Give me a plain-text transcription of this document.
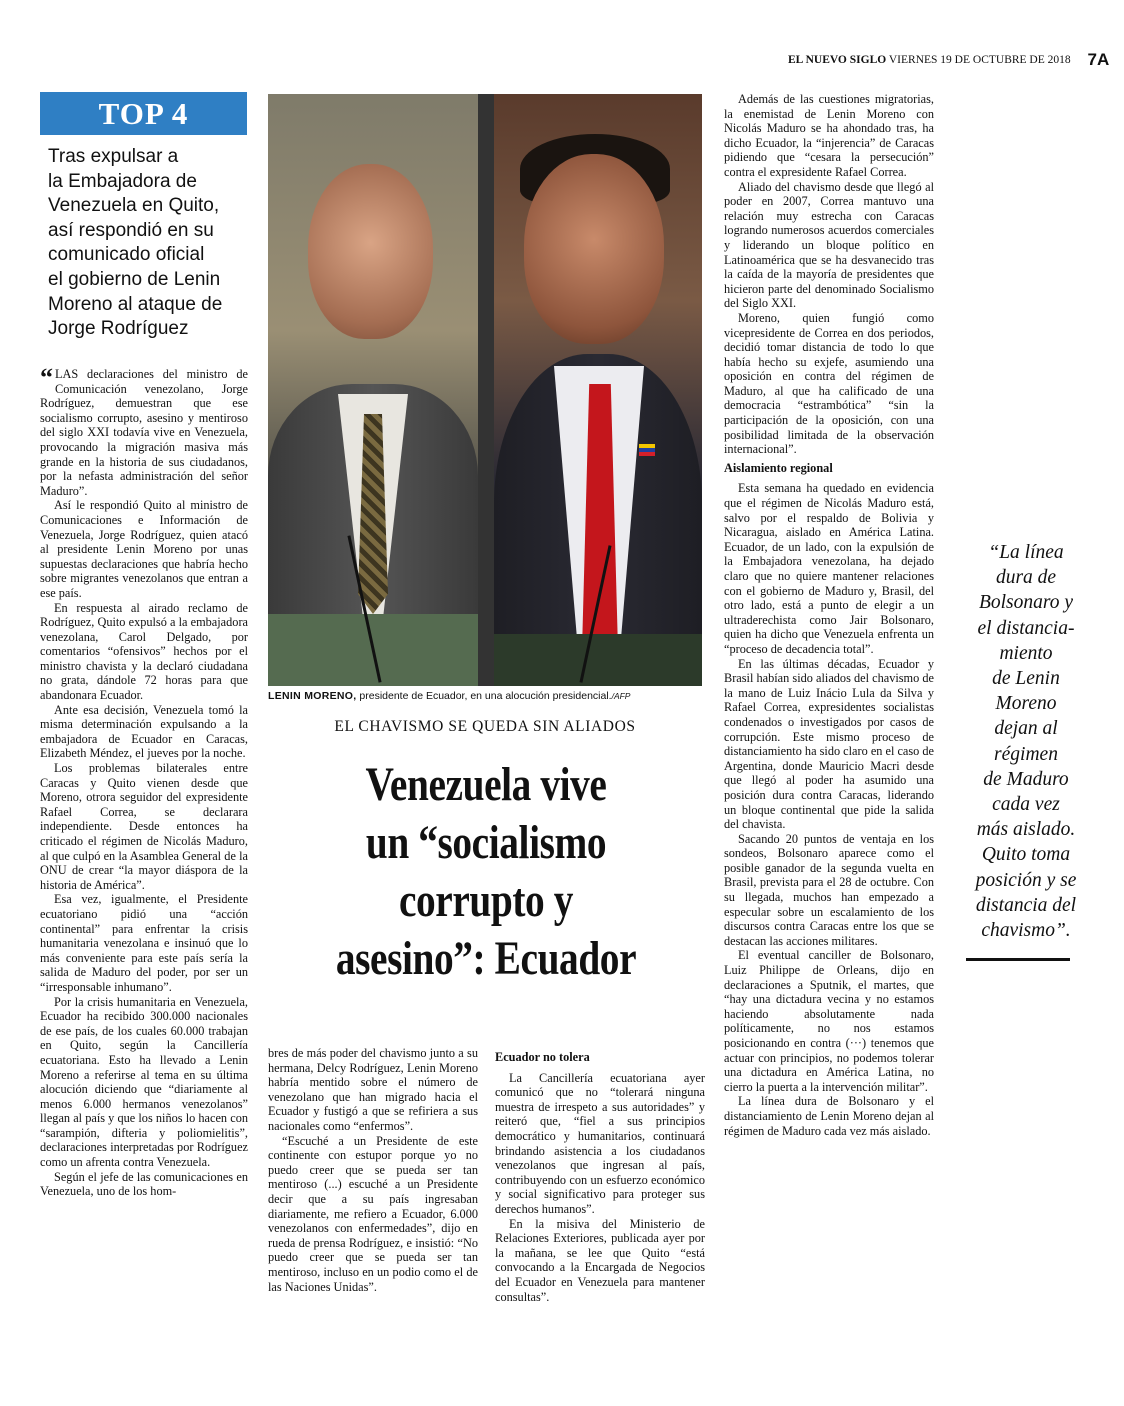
EL NUEVO SIGLO VIERNES 19 DE OCTUBRE DE 2018 7A
TOP 4

Tras expulsar a

la Embajadora de

Venezuela en Quito,

así respondió en su

comunicado oficial

el gobierno de Lenin

Moreno al ataque de

Jorge Rodríguez

“ LAS declaraciones del ministro de Comunicación venezolano, Jorge Rodríguez, demuestran que ese socialismo corrupto, asesino y mentiroso del siglo XXI todavía vive en Venezuela, provocando la migración masiva más grande en la historia de sus ciudadanos, por la nefasta administración del señor Maduro”.

Así le respondió Quito al ministro de Comunicaciones e Información de Venezuela, Jorge Rodríguez, quien atacó al presidente Lenin Moreno por unas supuestas declaraciones que habría hecho sobre migrantes venezolanos que entran a ese país.

En respuesta al airado reclamo de Rodríguez, Quito expulsó a la embajadora venezolana, Carol Delgado, por comentarios “ofensivos” hechos por el ministro chavista y la declaró ciudadana no grata, dándole 72 horas para que abandonara Ecuador.

Ante esa decisión, Venezuela tomó la misma determinación expulsando a la embajadora de Ecuador en Caracas, Elizabeth Méndez, el jueves por la noche.

Los problemas bilaterales entre Caracas y Quito vienen desde que Moreno, otrora seguidor del expresidente Rafael Correa, se declarara independiente. Desde entonces ha criticado el régimen de Nicolás Maduro, al que culpó en la Asamblea General de la ONU de crear “la mayor diáspora de la historia de América”.

Esa vez, igualmente, el Presidente ecuatoriano pidió una “acción continental” para enfrentar la crisis humanitaria venezolana e insinuó que lo más conveniente para este país sería la salida de Maduro del poder, por ser un “irresponsable inhumano”.

Por la crisis humanitaria en Venezuela, Ecuador ha recibido 300.000 nacionales de ese país, de los cuales 60.000 trabajan en Quito, según la Cancillería ecuatoriana. Esto ha llevado a Lenin Moreno a referirse al tema en su última alocución diciendo que “diariamente al menos 6.000 hermanos venezolanos” llegan al país y que los niños lo hacen con “sarampión, difteria y poliomielitis”, declaraciones interpretadas por Rodríguez como un afrenta contra Venezuela.

Según el jefe de las comunicaciones en Venezuela, uno de los hom-

LENIN MORENO, presidente de Ecuador, en una alocución presidencial./AFP
EL CHAVISMO SE QUEDA SIN ALIADOS
Venezuela vive
un “socialismo
corrupto y
asesino”: Ecuador

bres de más poder del chavismo junto a su hermana, Delcy Rodríguez, Lenin Moreno habría mentido sobre el número de venezolano que han migrado hacia el Ecuador y fustigó a que se refiriera a sus nacionales como “enfermos”.

“Escuché a un Presidente de este continente con estupor porque yo no puedo creer que se pueda ser tan mentiroso (...) escuché a un Presidente decir que a su país ingresaban diariamente, me refiero a Ecuador, 6.000 venezolanos con enfermedades”, dijo en rueda de prensa Rodríguez, e insistió: “No puedo creer que se pueda ser tan mentiroso, incluso en un podio como el de las Naciones Unidas”.

Ecuador no tolera

La Cancillería ecuatoriana ayer comunicó que no “tolerará ninguna muestra de irrespeto a sus autoridades” y reiteró que, “fiel a sus principios democrático y humanitarios, continuará brindando asistencia a los ciudadanos venezolanos que ingresan al país, contribuyendo con un esfuerzo económico y social significativo para proteger sus derechos humanos”.

En la misiva del Ministerio de Relaciones Exteriores, publicada ayer por la mañana, se lee que Quito “está convocando a la Encargada de Negocios del Ecuador en Venezuela para mantener consultas”.

Además de las cuestiones migratorias, la enemistad de Lenin Moreno con Nicolás Maduro se ha ahondado tras, ha dicho Ecuador, la “injerencia” de Caracas pidiendo que “cesara la persecución” contra el expresidente Rafael Correa.

Aliado del chavismo desde que llegó al poder en 2007, Correa mantuvo una relación muy estrecha con Caracas logrando numerosos acuerdos comerciales y liderando un bloque político en Latinoamérica que se ha desvanecido tras la caída de la mayoría de presidentes que hicieron parte del denominado Socialismo del Siglo XXI.

Moreno, quien fungió como vicepresidente de Correa en dos periodos, decidió tomar distancia de todo lo que había hecho su exjefe, asumiendo una oposición en contra del régimen de Maduro, al que ha calificado de una democracia “estrambótica” “sin la participación de la oposición, con una posibilidad limitada de la observación internacional”.

Aislamiento regional

Esta semana ha quedado en evidencia que el régimen de Nicolás Maduro está, salvo por el respaldo de Bolivia y Nicaragua, aislado en América Latina. Ecuador, de un lado, con la expulsión de la Embajadora venezolana, ha dejado claro que no quiere mantener relaciones con el gobierno de Maduro y, Brasil, del otro lado, está a punto de elegir a un ultraderechista como Jair Bolsonaro, quien ha dicho que Venezuela enfrenta un “proceso de decadencia total”.

En las últimas décadas, Ecuador y Brasil habían sido aliados del chavismo de la mano de Luiz Inácio Lula da Silva y Rafael Correa, expresidentes socialistas condenados o investigados por casos de corrupción. Este mismo proceso de distanciamiento ha sido claro en el caso de Argentina, donde Mauricio Macri desde que llegó al poder ha asumido una posición dura contra Caracas, liderando un bloque continental que pide la salida del chavista.

Sacando 20 puntos de ventaja en los sondeos, Bolsonaro aparece como el posible ganador de la segunda vuelta en Brasil, prevista para el 28 de octubre. Con su llegada, muchos han empezado a especular sobre un escalamiento de los discursos contra Caracas entre los que se destacan las acciones militares.

El eventual canciller de Bolsonaro, Luiz Philippe de Orleans, dijo en declaraciones a Sputnik, el martes, que “hay una dictadura vecina y no estamos haciendo absolutamente nada políticamente, no nos estamos posicionando en contra (···) tenemos que actuar con principios, no podemos tolerar una dictadura en América Latina, no cierro la puerta a la intervención militar”.

La línea dura de Bolsonaro y el distanciamiento de Lenin Moreno dejan al régimen de Maduro cada vez más aislado.

“La línea
dura de
Bolsonaro y
el distancia-
miento
de Lenin
Moreno
dejan al
régimen
de Maduro
cada vez
más aislado.
Quito toma
posición y se
distancia del
chavismo”.
